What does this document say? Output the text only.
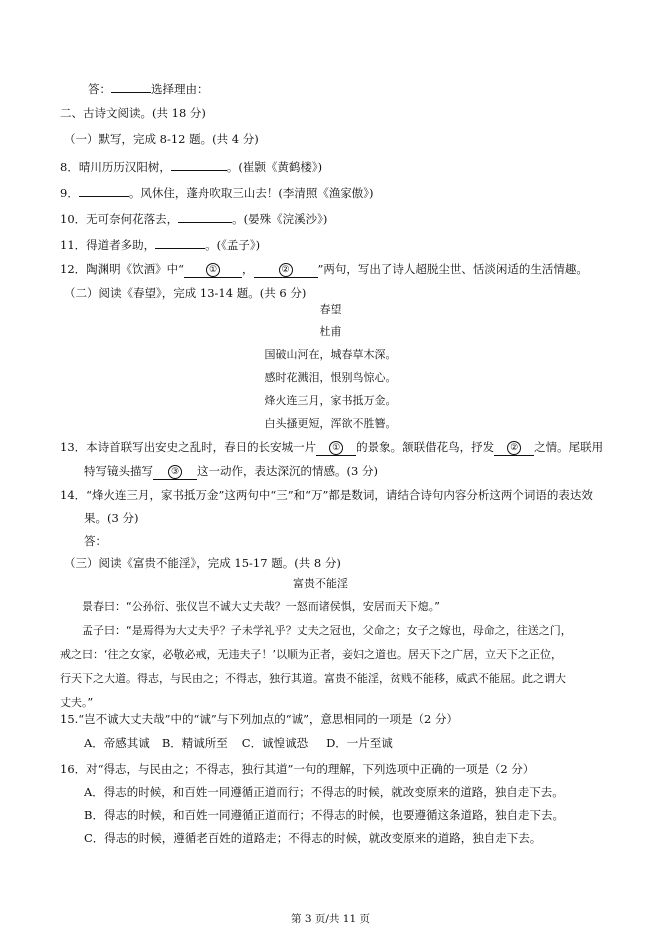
答：	选择理由：
二、古诗文阅读。(共 18 分)
（一）默写，完成 8-12 题。(共 4 分)
8．晴川历历汉阳树，	。(崔颢《黄鹤楼》)
9．	。风休住，蓬舟吹取三山去！(李清照《渔家傲》)
10．无可奈何花落去，	。(晏殊《浣溪沙》)
11．得道者多助，	。(《孟子》)
12．陶渊明《饮酒》中“	① ，	② ”两句，写出了诗人超脱尘世、恬淡闲适的生活情趣。
（二）阅读《春望》，完成 13-14 题。(共 6 分)
春望
杜甫
国破山河在，城春草木深。
感时花溅泪，恨别鸟惊心。
烽火连三月，家书抵万金。
白头搔更短，浑欲不胜簪。
13．本诗首联写出安史之乱时，春日的长安城一片 ① 的景象。颔联借花鸟，抒发 ② 之情。尾联用
特写镜头描写 ③ 这一动作，表达深沉的情感。(3 分)
14．“烽火连三月，家书抵万金”这两句中“三”和“万”都是数词，请结合诗句内容分析这两个词语的表达效
果。(3 分)
答：
（三）阅读《富贵不能淫》，完成 15-17 题。(共 8 分)
富贵不能淫
景春曰：“公孙衍、张仪岂不诚大丈夫哉？一怒而诸侯惧，安居而天下熄。”
孟子曰：“是焉得为大丈夫乎？子未学礼乎？丈夫之冠也，父命之；女子之嫁也，母命之，往送之门，
戒之曰：‘往之女家，必敬必戒，无违夫子！’以顺为正者，妾妇之道也。居天下之广居，立天下之正位，
行天下之大道。得志，与民由之；不得志，独行其道。富贵不能淫，贫贱不能移，威武不能屈。此之谓大
丈夫。”
15.“岂不诚大丈夫哉”中的“诚”与下列加点的“诚”，意思相同的一项是（2 分）
A．帝感其诚 B．精诚所至 C．诚惶诚恐 D．一片至诚
16．对“得志，与民由之；不得志，独行其道”一句的理解，下列选项中正确的一项是（2 分）
A．得志的时候，和百姓一同遵循正道而行；不得志的时候，就改变原来的道路，独自走下去。
B．得志的时候，和百姓一同遵循正道而行；不得志的时候，也要遵循这条道路，独自走下去。
C．得志的时候，遵循老百姓的道路走；不得志的时候，就改变原来的道路，独自走下去。
第 3 页/共 11 页
